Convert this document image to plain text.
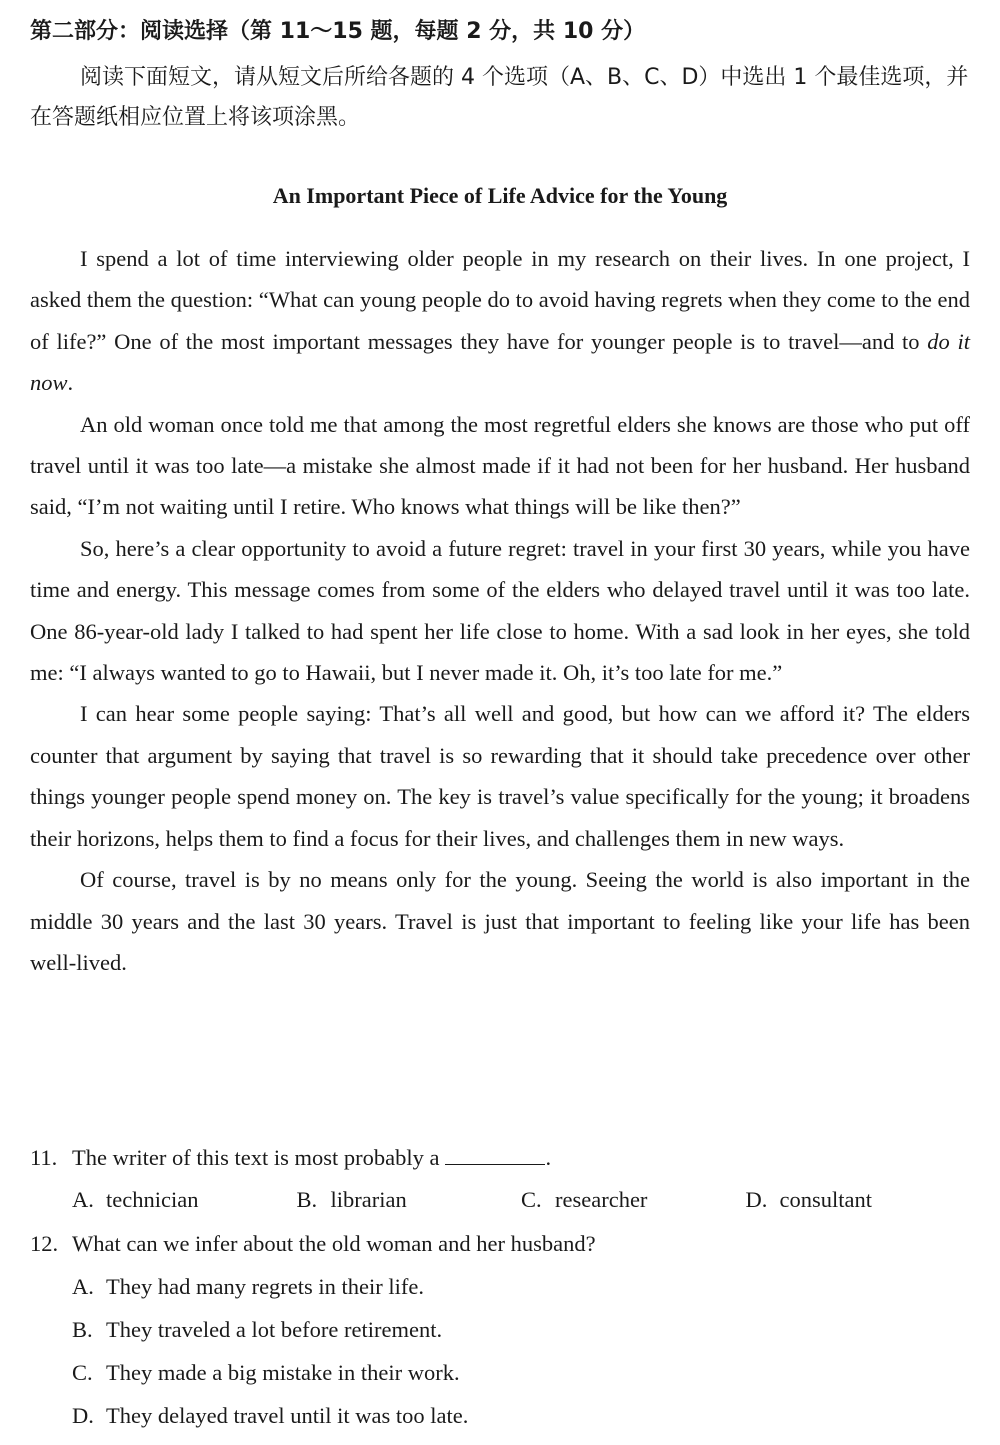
第二部分：阅读选择（第 11～15 题，每题 2 分，共 10 分）

阅读下面短文，请从短文后所给各题的 4 个选项（A、B、C、D）中选出 1 个最佳选项，并在答题纸相应位置上将该项涂黑。

An Important Piece of Life Advice for the Young

I spend a lot of time interviewing older people in my research on their lives. In one project, I asked them the question: “What can young people do to avoid having regrets when they come to the end of life?” One of the most important messages they have for younger people is to travel—and to do it now.

An old woman once told me that among the most regretful elders she knows are those who put off travel until it was too late—a mistake she almost made if it had not been for her husband. Her husband said, “I’m not waiting until I retire. Who knows what things will be like then?”

So, here’s a clear opportunity to avoid a future regret: travel in your first 30 years, while you have time and energy. This message comes from some of the elders who delayed travel until it was too late. One 86-year-old lady I talked to had spent her life close to home. With a sad look in her eyes, she told me: “I always wanted to go to Hawaii, but I never made it. Oh, it’s too late for me.”

I can hear some people saying: That’s all well and good, but how can we afford it? The elders counter that argument by saying that travel is so rewarding that it should take precedence over other things younger people spend money on. The key is travel’s value specifically for the young; it broadens their horizons, helps them to find a focus for their lives, and challenges them in new ways.

Of course, travel is by no means only for the young. Seeing the world is also important in the middle 30 years and the last 30 years. Travel is just that important to feeling like your life has been well-lived.

11. The writer of this text is most probably a	.
A. technician	B. librarian	C. researcher	D. consultant
12. What can we infer about the old woman and her husband?
A. They had many regrets in their life.
B. They traveled a lot before retirement.
C. They made a big mistake in their work.
D. They delayed travel until it was too late.
